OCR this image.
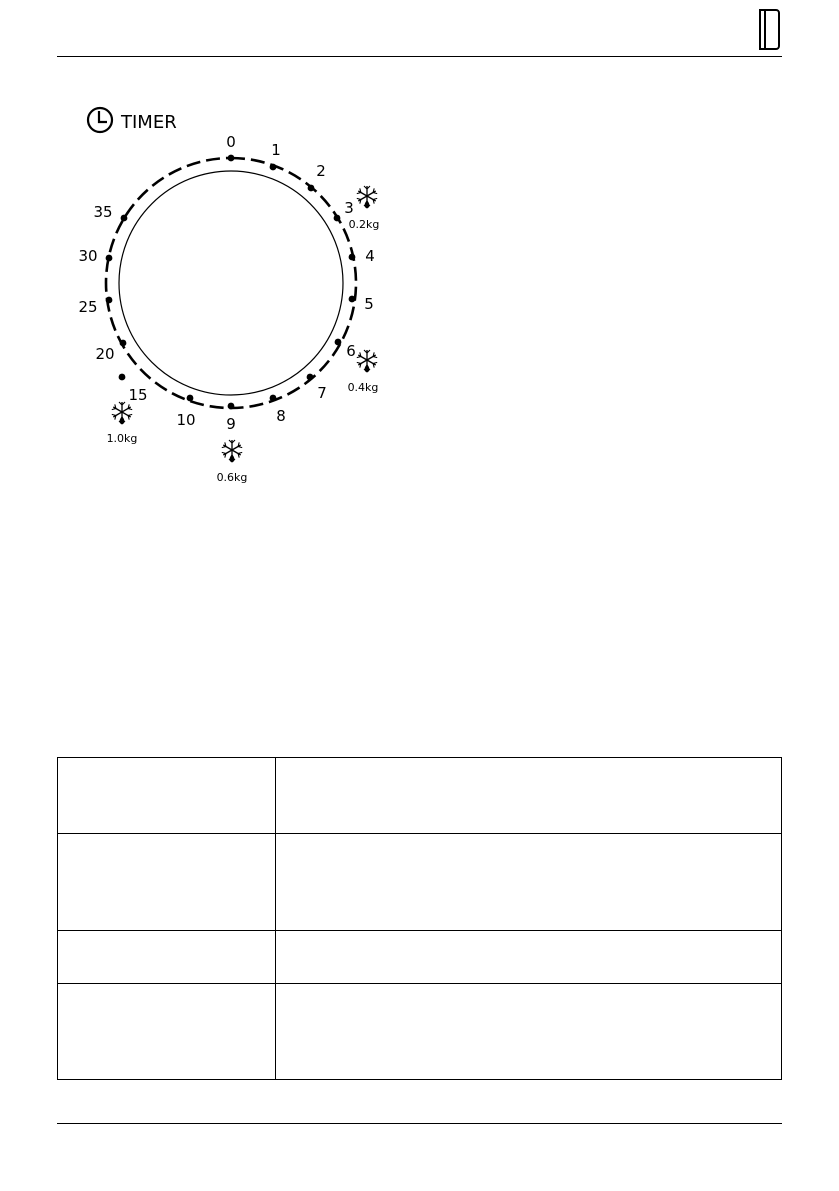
TIMER
0 1
2
3
4
5
6
7
8
9
10
15
20
25
30
35
0.2kg
0.4kg
0.6kg
1.0kg
